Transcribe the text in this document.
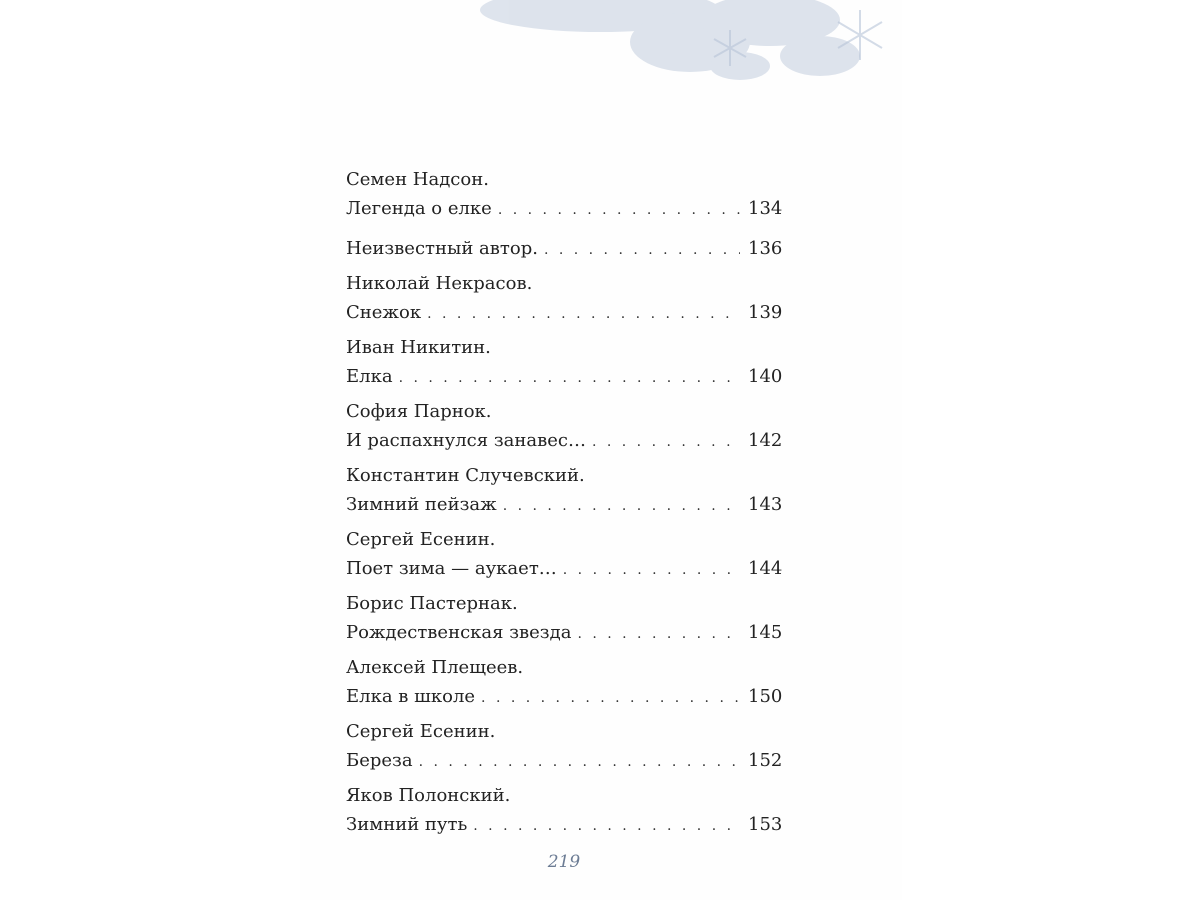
Семен Надсон.
Легенда о елке . . .	134
Неизвестный автор. . . .	136
Николай Некрасов.
Снежок . . .	139
Иван Никитин.
Елка . . .	140
София Парнок.
И распахнулся занавес… . . .	142
Константин Случевский.
Зимний пейзаж . . .	143
Сергей Есенин.
Поет зима — аукает… . . .	144
Борис Пастернак.
Рождественская звезда . . .	145
Алексей Плещеев.
Елка в школе . . .	150
Сергей Есенин.
Береза . . .	152
Яков Полонский.
Зимний путь . . .	153
219
